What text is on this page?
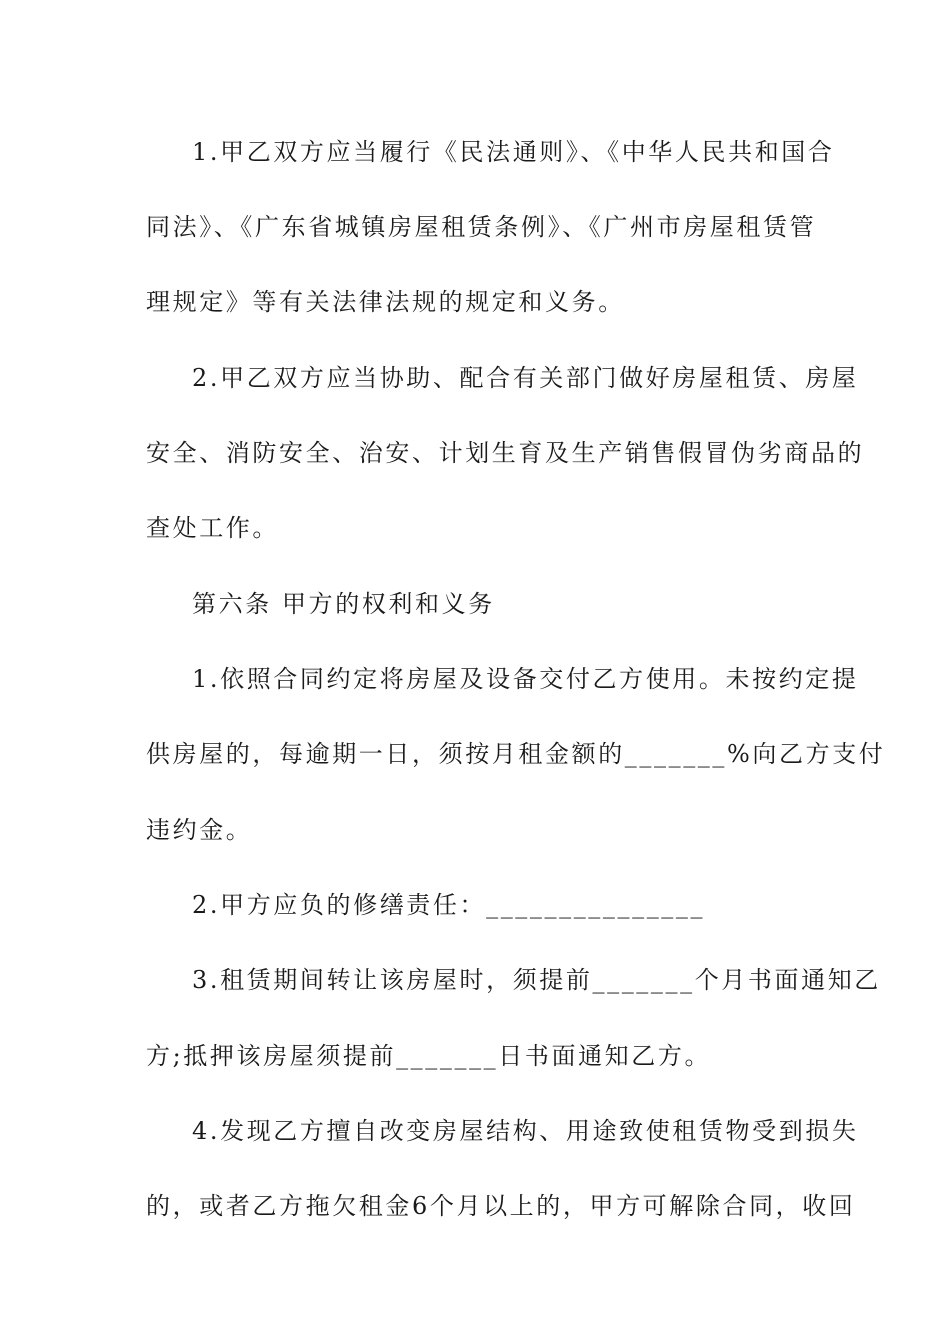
1.甲乙双方应当履行《民法通则》、《中华人民共和国合
同法》、《广东省城镇房屋租赁条例》、《广州市房屋租赁管
理规定》等有关法律法规的规定和义务。
2.甲乙双方应当协助、配合有关部门做好房屋租赁、房屋
安全、消防安全、治安、计划生育及生产销售假冒伪劣商品的
查处工作。
第六条 甲方的权利和义务
1.依照合同约定将房屋及设备交付乙方使用。未按约定提
供房屋的，每逾期一日，须按月租金额的_______%向乙方支付
违约金。
2.甲方应负的修缮责任：_______________
3.租赁期间转让该房屋时，须提前_______个月书面通知乙
方;抵押该房屋须提前_______日书面通知乙方。
4.发现乙方擅自改变房屋结构、用途致使租赁物受到损失
的，或者乙方拖欠租金6个月以上的，甲方可解除合同，收回
